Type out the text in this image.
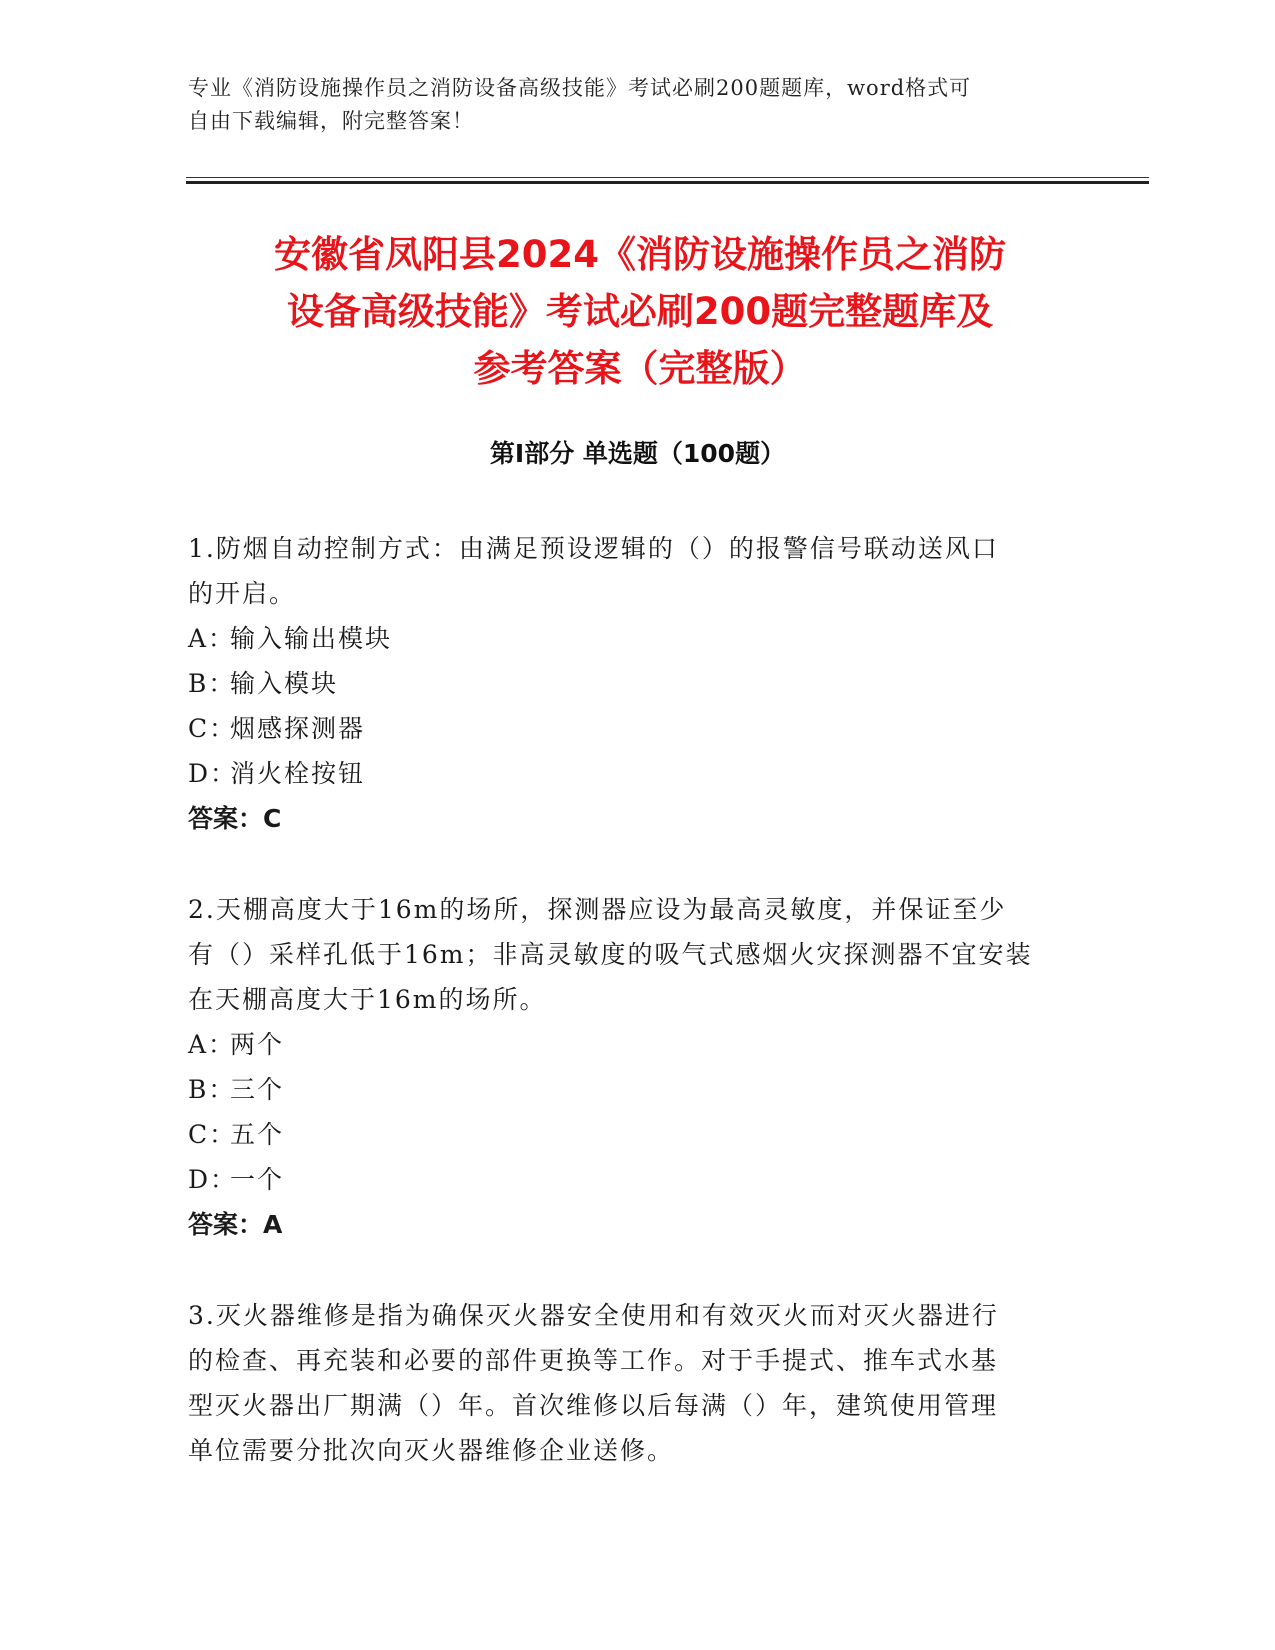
专业《消防设施操作员之消防设备高级技能》考试必刷200题题库，word格式可
自由下载编辑，附完整答案！
安徽省凤阳县2024《消防设施操作员之消防
设备高级技能》考试必刷200题完整题库及
参考答案（完整版）
第I部分 单选题（100题）

1.防烟自动控制方式：由满足预设逻辑的（）的报警信号联动送风口

的开启。

A：输入输出模块

B：输入模块

C：烟感探测器

D：消火栓按钮

答案：C

2.天棚高度大于16m的场所，探测器应设为最高灵敏度，并保证至少

有（）采样孔低于16m；非高灵敏度的吸气式感烟火灾探测器不宜安装

在天棚高度大于16m的场所。

A：两个

B：三个

C：五个

D：一个

答案：A

3.灭火器维修是指为确保灭火器安全使用和有效灭火而对灭火器进行

的检查、再充装和必要的部件更换等工作。对于手提式、推车式水基

型灭火器出厂期满（）年。首次维修以后每满（）年，建筑使用管理

单位需要分批次向灭火器维修企业送修。
